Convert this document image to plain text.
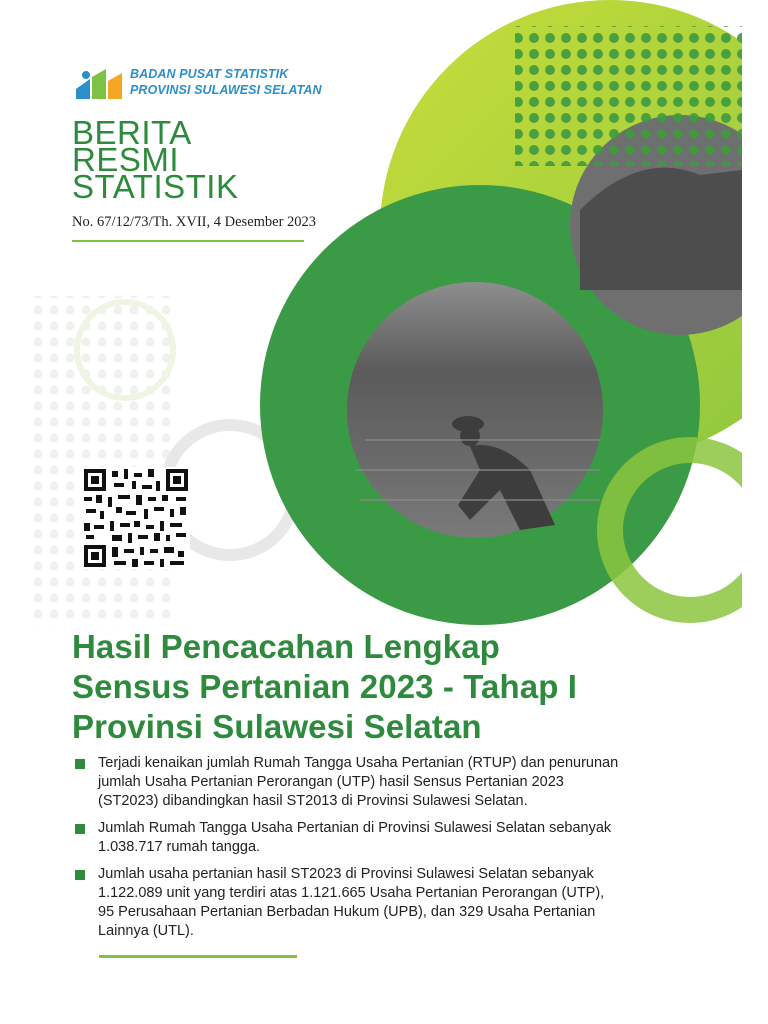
BADAN PUSAT STATISTIK
PROVINSI SULAWESI SELATAN
BERITA
RESMI
STATISTIK
No. 67/12/73/Th. XVII, 4 Desember 2023
Hasil Pencacahan Lengkap
Sensus Pertanian 2023 - Tahap I
Provinsi Sulawesi Selatan
Terjadi kenaikan jumlah Rumah Tangga Usaha Pertanian (RTUP) dan penurunan
jumlah Usaha Pertanian Perorangan (UTP) hasil Sensus Pertanian 2023
(ST2023) dibandingkan hasil ST2013 di Provinsi Sulawesi Selatan.
Jumlah Rumah Tangga Usaha Pertanian di Provinsi Sulawesi Selatan sebanyak
1.038.717 rumah tangga.
Jumlah usaha pertanian hasil ST2023 di Provinsi Sulawesi Selatan sebanyak
1.122.089 unit yang terdiri atas 1.121.665 Usaha Pertanian Perorangan (UTP),
95 Perusahaan Pertanian Berbadan Hukum (UPB), dan 329 Usaha Pertanian
Lainnya (UTL).
